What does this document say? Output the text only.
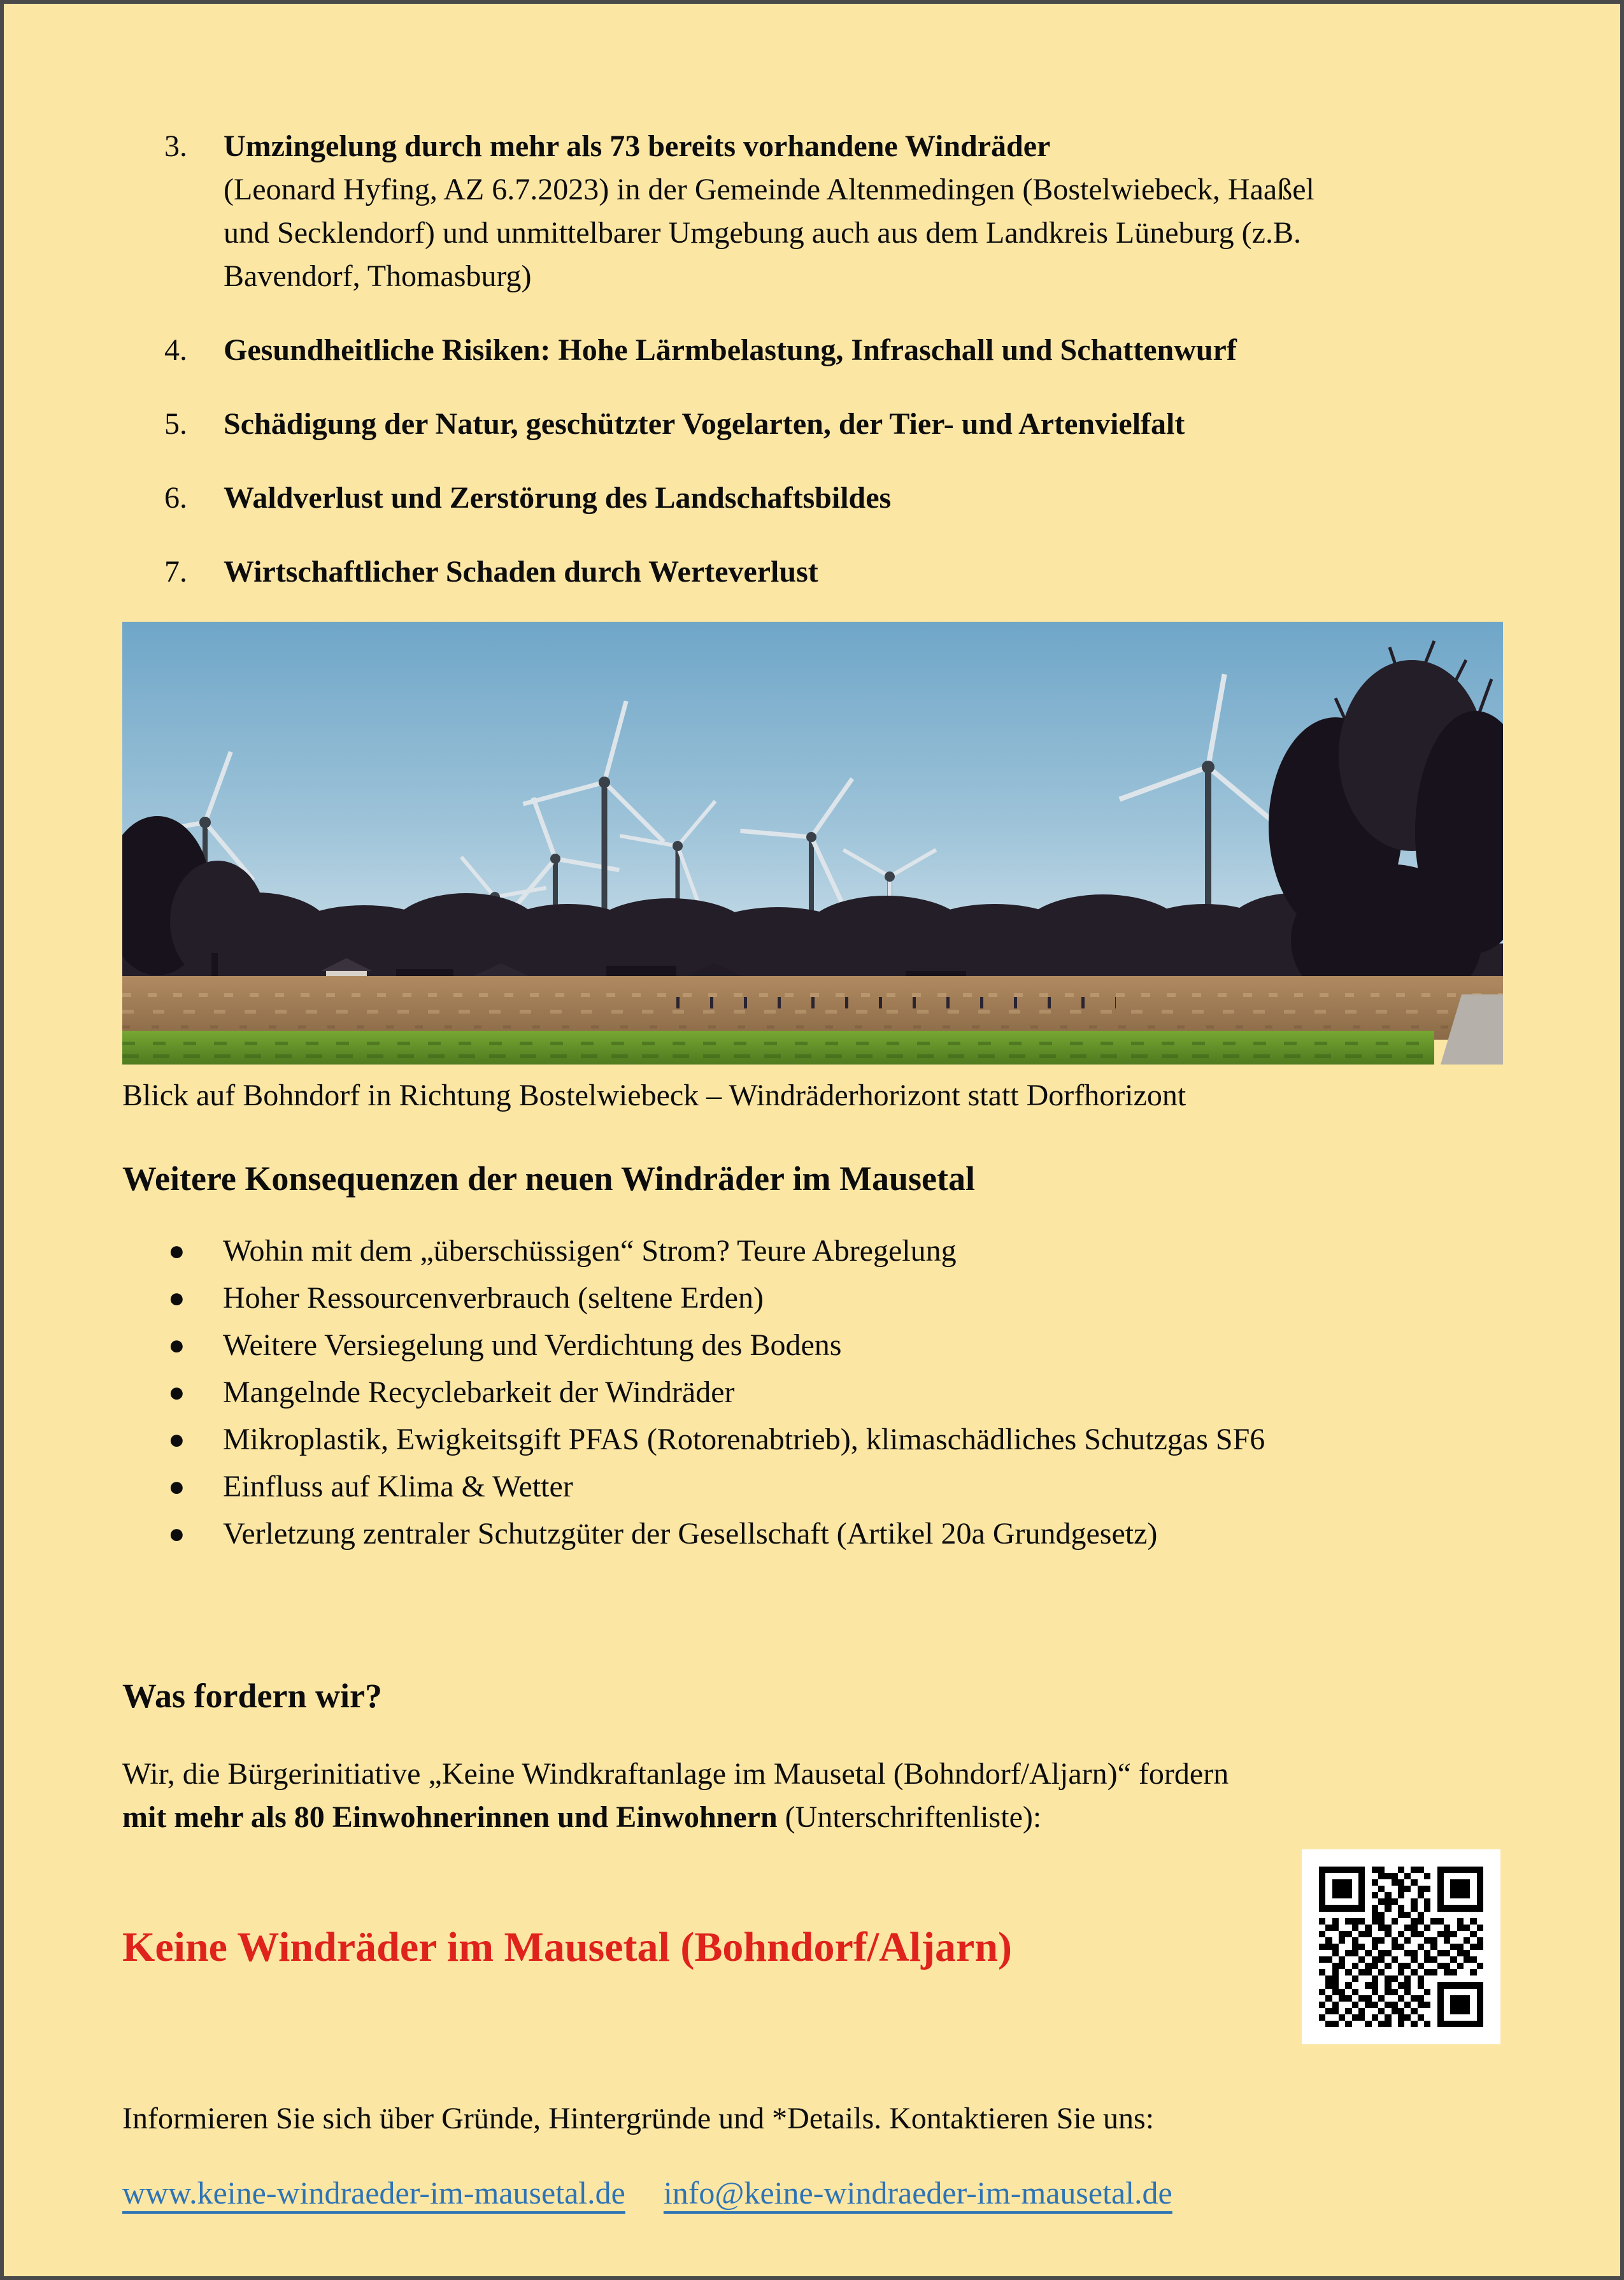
3.	Umzingelung durch mehr als 73 bereits vorhandene Windräder
(Leonard Hyfing, AZ 6.7.2023) in der Gemeinde Altenmedingen (Bostelwiebeck, Haaßel und Secklendorf) und unmittelbarer Umgebung auch aus dem Landkreis Lüneburg (z.B. Bavendorf, Thomasburg)
4.	Gesundheitliche Risiken: Hohe Lärmbelastung, Infraschall und Schattenwurf
5.	Schädigung der Natur, geschützter Vogelarten, der Tier- und Artenvielfalt
6.	Waldverlust und Zerstörung des Landschaftsbildes
7.	Wirtschaftlicher Schaden durch Werteverlust
Blick auf Bohndorf in Richtung Bostelwiebeck – Windräderhorizont statt Dorfhorizont
Weitere Konsequenzen der neuen Windräder im Mausetal
●	Wohin mit dem „überschüssigen“ Strom? Teure Abregelung
●	Hoher Ressourcenverbrauch (seltene Erden)
●	Weitere Versiegelung und Verdichtung des Bodens
●	Mangelnde Recyclebarkeit der Windräder
●	Mikroplastik, Ewigkeitsgift PFAS (Rotorenabtrieb), klimaschädliches Schutzgas SF6
●	Einfluss auf Klima & Wetter
●	Verletzung zentraler Schutzgüter der Gesellschaft (Artikel 20a Grundgesetz)
Was fordern wir?
Wir, die Bürgerinitiative „Keine Windkraftanlage im Mausetal (Bohndorf/Aljarn)“ fordern
mit mehr als 80 Einwohnerinnen und Einwohnern (Unterschriftenliste):
Keine Windräder im Mausetal (Bohndorf/Aljarn)
Informieren Sie sich über Gründe, Hintergründe und *Details. Kontaktieren Sie uns:
www.keine-windraeder-im-mausetal.de info@keine-windraeder-im-mausetal.de
